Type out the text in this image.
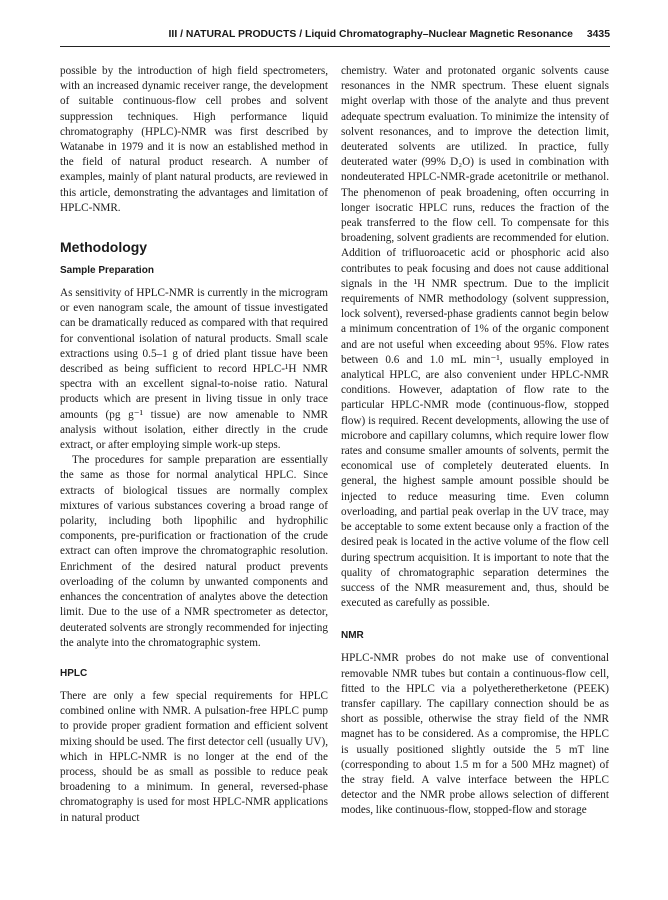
III / NATURAL PRODUCTS / Liquid Chromatography–Nuclear Magnetic Resonance 3435

possible by the introduction of high field spectrometers, with an increased dynamic receiver range, the development of suitable continuous-flow cell probes and solvent suppression techniques. High performance liquid chromatography (HPLC)-NMR was first described by Watanabe in 1979 and it is now an established method in the field of natural product research. A number of examples, mainly of plant natural products, are reviewed in this article, demonstrating the advantages and limitation of HPLC-NMR.

Methodology
Sample Preparation

As sensitivity of HPLC-NMR is currently in the microgram or even nanogram scale, the amount of tissue investigated can be dramatically reduced as compared with that required for conventional isolation of natural products. Small scale extractions using 0.5–1 g of dried plant tissue have been described as being sufficient to record HPLC-¹H NMR spectra with an excellent signal-to-noise ratio. Natural products which are present in living tissue in only trace amounts (pg g⁻¹ tissue) are now amenable to NMR analysis without isolation, either directly in the crude extract, or after employing simple work-up steps.

The procedures for sample preparation are essentially the same as those for normal analytical HPLC. Since extracts of biological tissues are normally complex mixtures of various substances covering a broad range of polarity, including both lipophilic and hydrophilic components, pre-purification or fractionation of the crude extract can often improve the chromatographic resolution. Enrichment of the desired natural product prevents overloading of the column by unwanted components and enhances the concentration of analytes above the detection limit. Due to the use of a NMR spectrometer as detector, deuterated solvents are strongly recommended for injecting the analyte into the chromatographic system.

HPLC

There are only a few special requirements for HPLC combined online with NMR. A pulsation-free HPLC pump to provide proper gradient formation and efficient solvent mixing should be used. The first detector cell (usually UV), which in HPLC-NMR is no longer at the end of the process, should be as small as possible to reduce peak broadening to a minimum. In general, reversed-phase chromatography is used for most HPLC-NMR applications in natural product

chemistry. Water and protonated organic solvents cause resonances in the NMR spectrum. These eluent signals might overlap with those of the analyte and thus prevent adequate spectrum evaluation. To minimize the intensity of solvent resonances, and to improve the detection limit, deuterated solvents are utilized. In practice, fully deuterated water (99% D₂O) is used in combination with nondeuterated HPLC-NMR-grade acetonitrile or methanol. The phenomenon of peak broadening, often occurring in longer isocratic HPLC runs, reduces the fraction of the peak transferred to the flow cell. To compensate for this broadening, solvent gradients are recommended for elution. Addition of trifluoroacetic acid or phosphoric acid also contributes to peak focusing and does not cause additional signals in the ¹H NMR spectrum. Due to the implicit requirements of NMR methodology (solvent suppression, lock solvent), reversed-phase gradients cannot begin below a minimum concentration of 1% of the organic component and are not useful when exceeding about 95%. Flow rates between 0.6 and 1.0 mL min⁻¹, usually employed in analytical HPLC, are also convenient under HPLC-NMR conditions. However, adaptation of flow rate to the particular HPLC-NMR mode (continuous-flow, stopped flow) is required. Recent developments, allowing the use of microbore and capillary columns, which require lower flow rates and consume smaller amounts of solvents, permit the economical use of completely deuterated eluents. In general, the highest sample amount possible should be injected to reduce measuring time. Even column overloading, and partial peak overlap in the UV trace, may be acceptable to some extent because only a fraction of the desired peak is located in the active volume of the flow cell during spectrum acquisition. It is important to note that the quality of chromatographic separation determines the success of the NMR measurement and, thus, should be executed as carefully as possible.

NMR

HPLC-NMR probes do not make use of conventional removable NMR tubes but contain a continuous-flow cell, fitted to the HPLC via a polyetheretherketone (PEEK) transfer capillary. The capillary connection should be as short as possible, otherwise the stray field of the NMR magnet has to be considered. As a compromise, the HPLC is usually positioned slightly outside the 5 mT line (corresponding to about 1.5 m for a 500 MHz magnet) of the stray field. A valve interface between the HPLC detector and the NMR probe allows selection of different modes, like continuous-flow, stopped-flow and storage
